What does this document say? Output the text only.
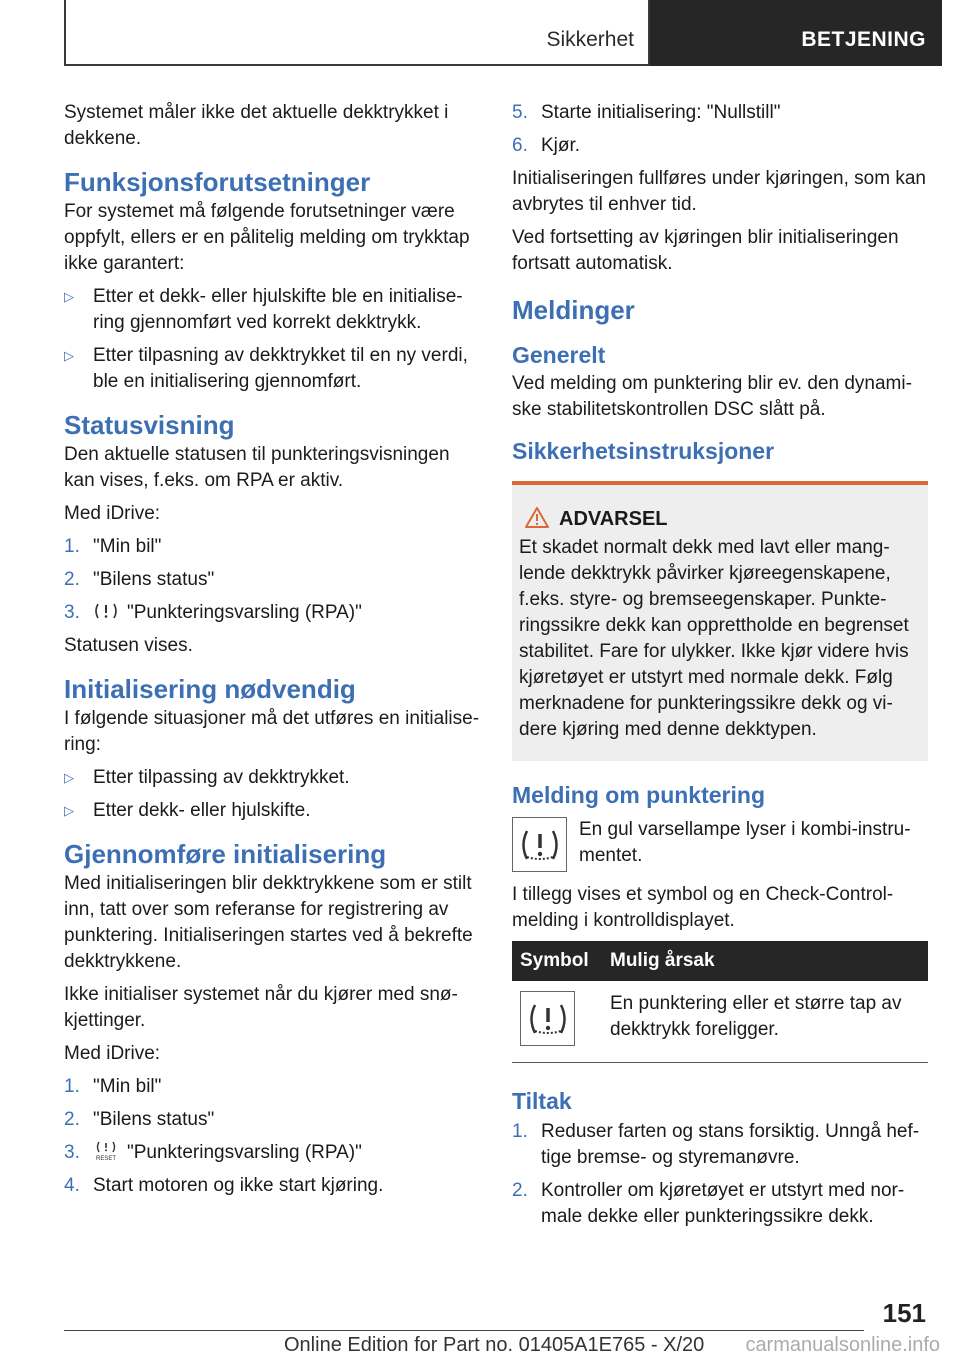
Sikkerhet	BETJENING

Systemet måler ikke det aktuelle dekktrykket i dekkene.

Funksjonsforutsetninger

For systemet må følgende forutsetninger være oppfylt, ellers er en pålitelig melding om trykktap ikke garantert:

▷ Etter et dekk- eller hjulskifte ble en initialise-ring gjennomført ved korrekt dekktrykk.
▷ Etter tilpasning av dekktrykket til en ny verdi, ble en initialisering gjennomført.
Statusvisning

Den aktuelle statusen til punkteringsvisningen kan vises, f.eks. om RPA er aktiv.

Med iDrive:

1. "Min bil"
2. "Bilens status"
3. "Punkteringsvarsling (RPA)"

Statusen vises.

Initialisering nødvendig

I følgende situasjoner må det utføres en initialise-ring:

▷ Etter tilpassing av dekktrykket.
▷ Etter dekk- eller hjulskifte.
Gjennomføre initialisering

Med initialiseringen blir dekktrykkene som er stilt inn, tatt over som referanse for registrering av punktering. Initialiseringen startes ved å bekrefte dekktrykkene.

Ikke initialiser systemet når du kjører med snø-kjettinger.

Med iDrive:

1. "Min bil"
2. "Bilens status"
3.	RESET "Punkteringsvarsling (RPA)"
4. Start motoren og ikke start kjøring.
5. Starte initialisering: "Nullstill"
6. Kjør.

Initialiseringen fullføres under kjøringen, som kan avbrytes til enhver tid.

Ved fortsetting av kjøringen blir initialiseringen fortsatt automatisk.

Meldinger
Generelt

Ved melding om punktering blir ev. den dynami-ske stabilitetskontrollen DSC slått på.

Sikkerhetsinstruksjoner
ADVARSEL

Et skadet normalt dekk med lavt eller mang-lende dekktrykk påvirker kjøreegenskapene, f.eks. styre- og bremseegenskaper. Punkte-ringssikre dekk kan opprettholde en begrenset stabilitet. Fare for ulykker. Ikke kjør videre hvis kjøretøyet er utstyrt med normale dekk. Følg merknadene for punkteringssikre dekk og vi-dere kjøring med denne dekktypen.

Melding om punktering

En gul varsellampe lyser i kombi-instru-mentet.

I tillegg vises et symbol og en Check-Control-melding i kontrolldisplayet.

Symbol	Mulig årsak

	En punktering eller et større tap av dekktrykk foreligger.
Tiltak
1. Reduser farten og stans forsiktig. Unngå hef-tige bremse- og styremanøvre.
2. Kontroller om kjøretøyet er utstyrt med nor-male dekke eller punkteringssikre dekk.
151
Online Edition for Part no. 01405A1E765 - X/20 carmanualsonline.info
